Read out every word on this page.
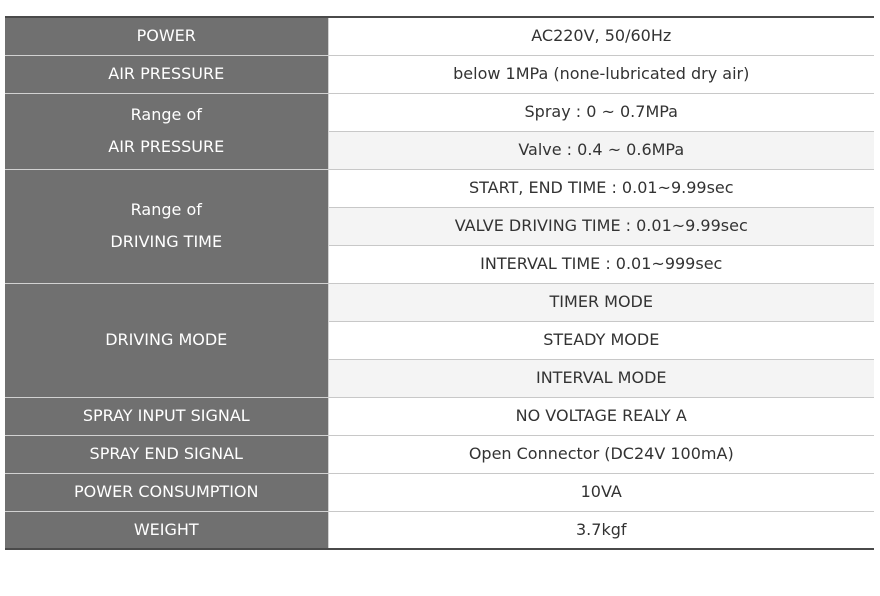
POWER	AC220V, 50/60Hz
AIR PRESSURE	below 1MPa (none-lubricated dry air)

Range of
AIR PRESSURE	Spray : 0 ~ 0.7MPa
	Valve : 0.4 ~ 0.6MPa

Range of
DRIVING TIME	START, END TIME : 0.01~9.99sec
	VALVE DRIVING TIME : 0.01~9.99sec
	INTERVAL TIME : 0.01~999sec
DRIVING MODE	TIMER MODE
	STEADY MODE
	INTERVAL MODE
SPRAY INPUT SIGNAL	NO VOLTAGE REALY A
SPRAY END SIGNAL	Open Connector (DC24V 100mA)
POWER CONSUMPTION	10VA
WEIGHT	3.7kgf
